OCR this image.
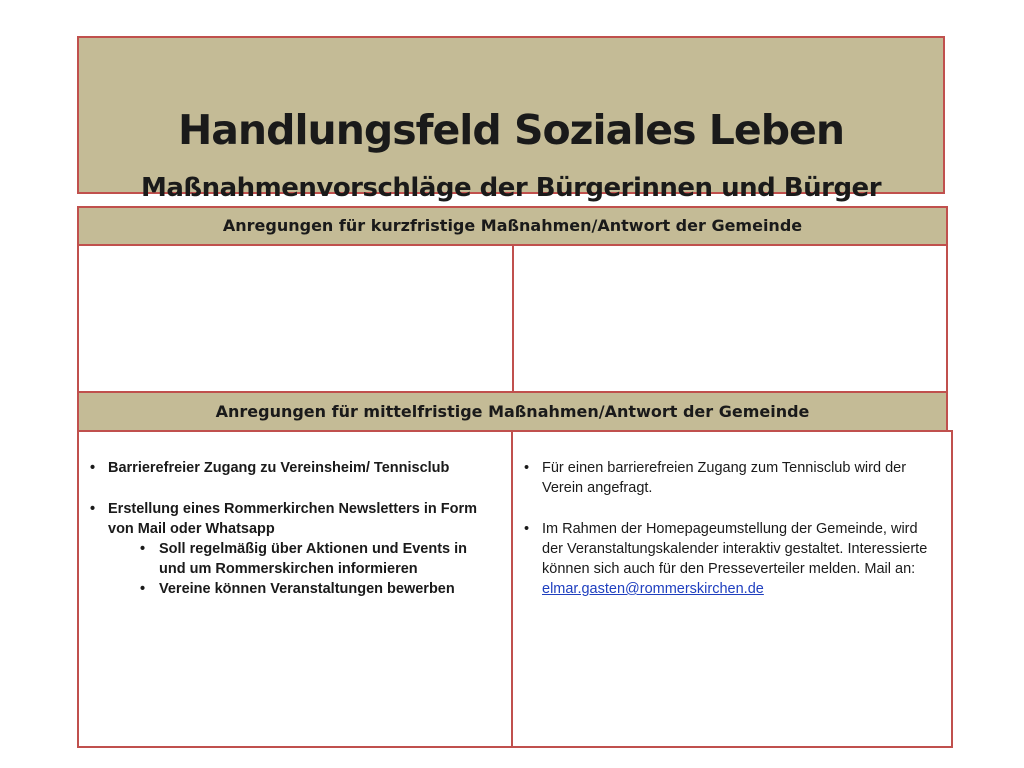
Handlungsfeld Soziales Leben
Maßnahmenvorschläge der Bürgerinnen und Bürger
Anregungen für kurzfristige Maßnahmen/Antwort der Gemeinde
Anregungen für mittelfristige Maßnahmen/Antwort der Gemeinde
• Barrierefreier Zugang zu Vereinsheim/ Tennisclub
• Erstellung eines Rommerkirchen Newsletters in Form von Mail oder Whatsapp
• Soll regelmäßig über Aktionen und Events in und um Rommerskirchen informieren
• Vereine können Veranstaltungen bewerben
• Für einen barrierefreien Zugang zum Tennisclub wird der Verein angefragt.
• Im Rahmen der Homepageumstellung der Gemeinde, wird der Veranstaltungskalender interaktiv gestaltet. Interessierte können sich auch für den Presseverteiler melden. Mail an: elmar.gasten@rommerskirchen.de
